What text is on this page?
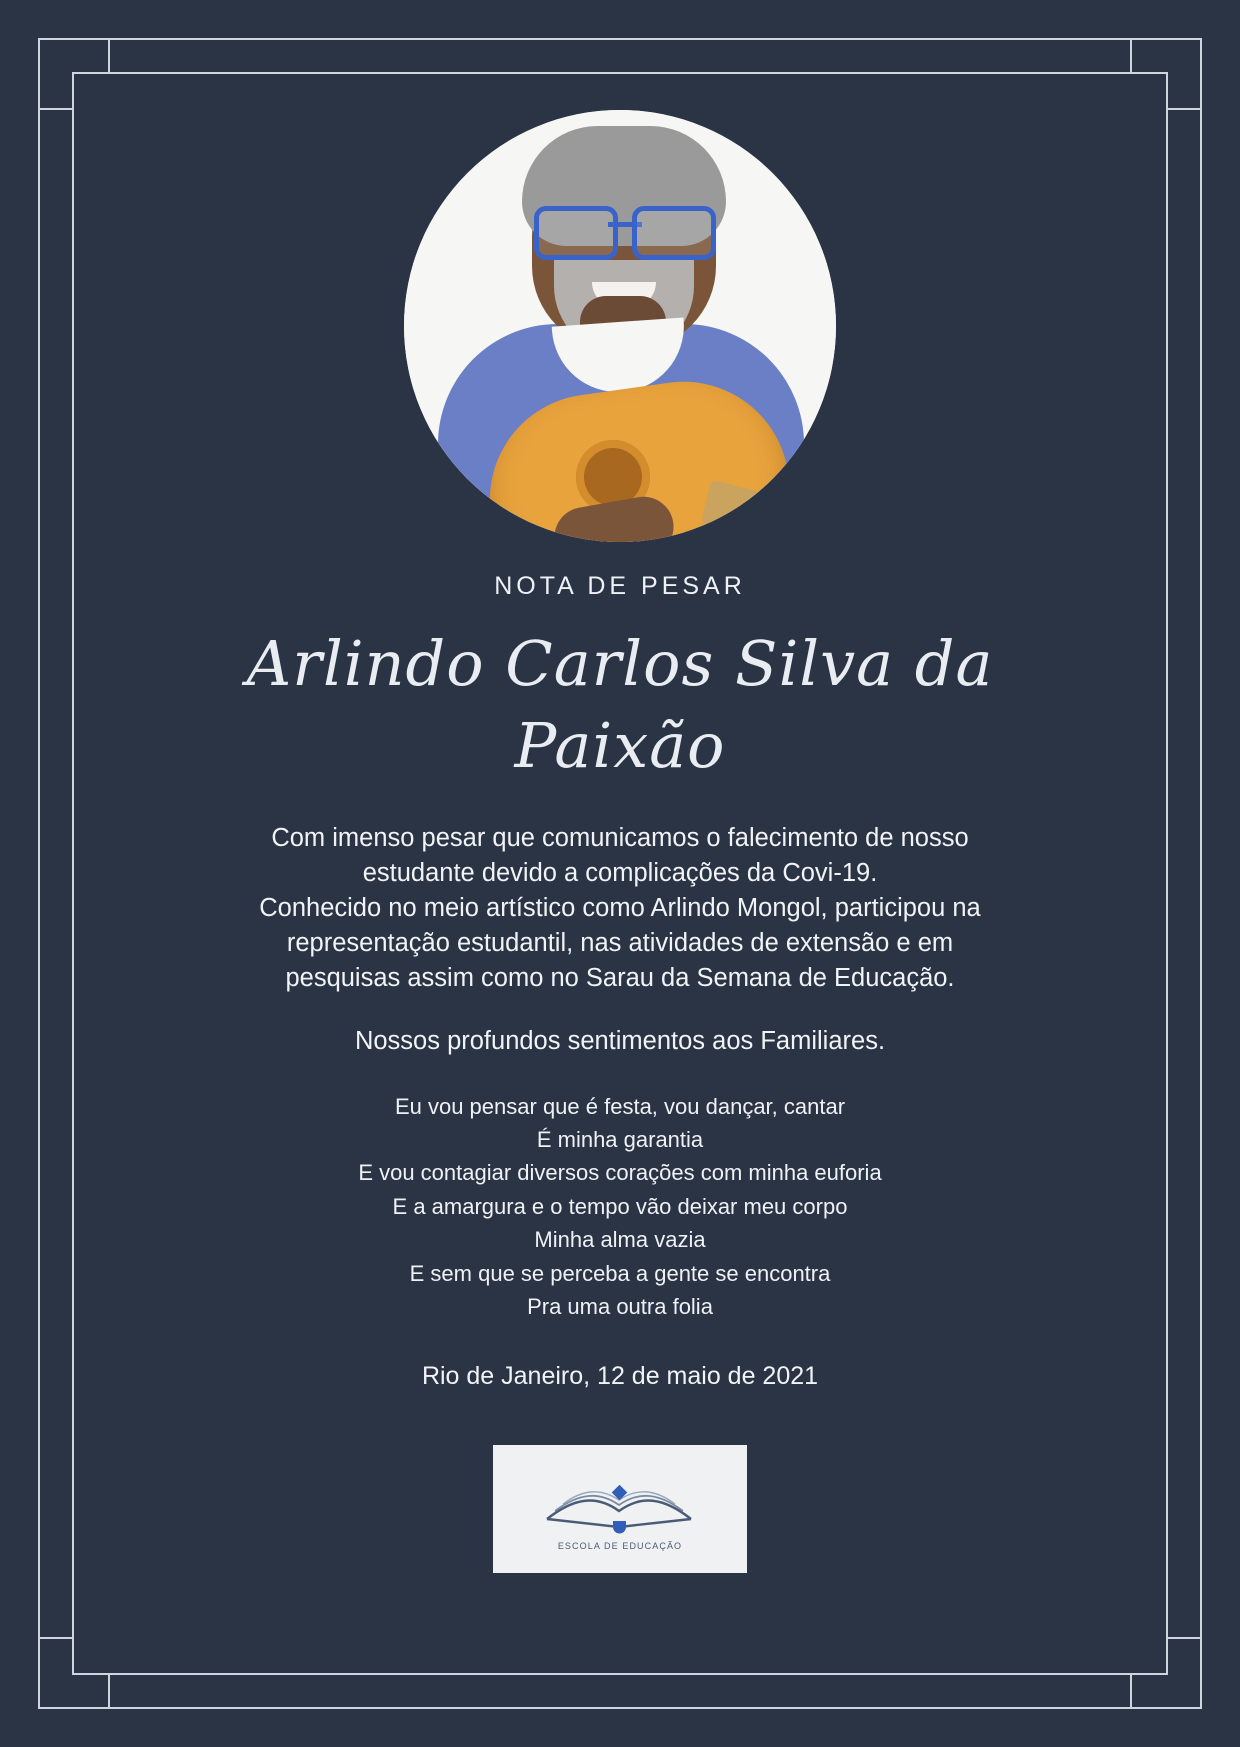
NOTA DE PESAR
Arlindo Carlos Silva da Paixão

Com imenso pesar que comunicamos o falecimento de nosso

estudante devido a complicações da Covi-19.

Conhecido no meio artístico como Arlindo Mongol, participou na

representação estudantil, nas atividades de extensão e em

pesquisas assim como no Sarau da Semana de Educação.

Nossos profundos sentimentos aos Familiares.

Eu vou pensar que é festa, vou dançar, cantar

É minha garantia

E vou contagiar diversos corações com minha euforia

E a amargura e o tempo vão deixar meu corpo

Minha alma vazia

E sem que se perceba a gente se encontra

Pra uma outra folia

Rio de Janeiro, 12 de maio de 2021
ESCOLA DE EDUCAÇÃO
